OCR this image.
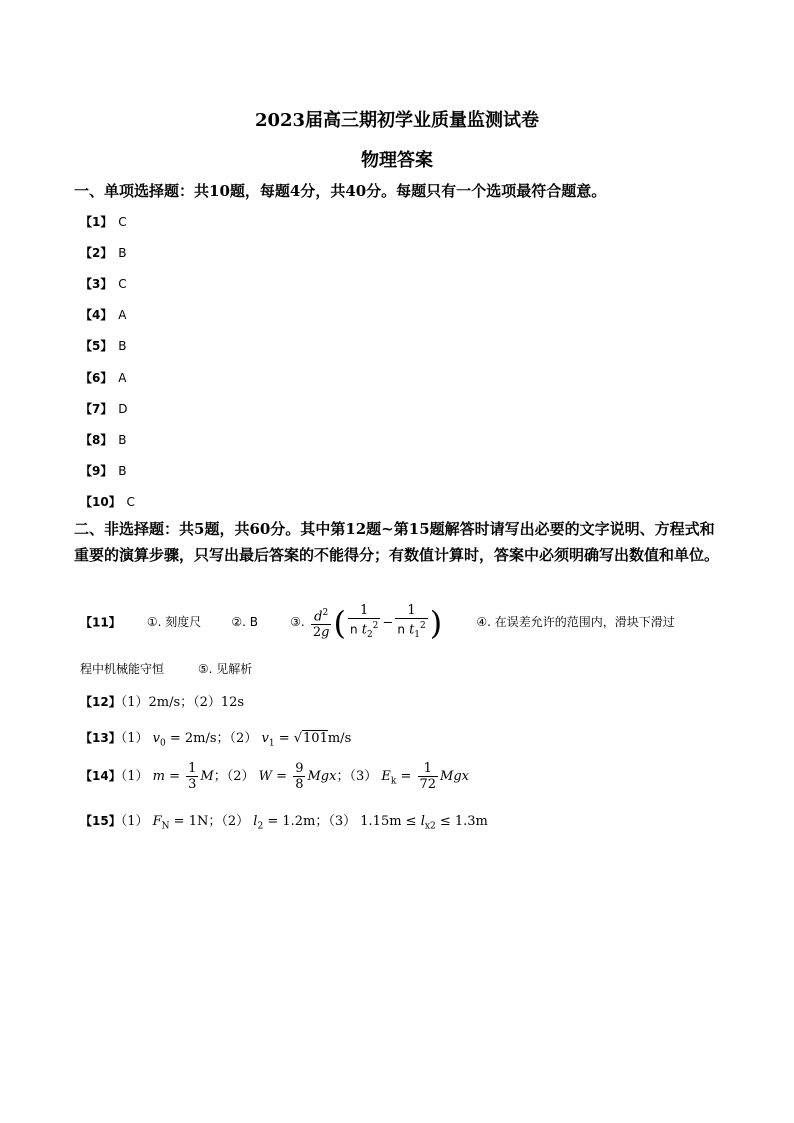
2023届高三期初学业质量监测试卷
物理答案
一、单项选择题：共10题，每题4分，共40分。每题只有一个选项最符合题意。
【1】 C
【2】 B
【3】 C
【4】 A
【5】 B
【6】 A
【7】 D
【8】 B
【9】 B
【10】 C
二、非选择题：共5题，共60分。其中第12题~第15题解答时请写出必要的文字说明、方程式和重要的演算步骤，只写出最后答案的不能得分；有数值计算时，答案中必须明确写出数值和单位。
【11】 ①. 刻度尺	②. B	③. $\frac{d^2}{2g}$ ( $\frac{1}{n t_2^2} - \frac{1}{n t_1^2}$ )	④. 在误差允许的范围内，滑块下滑过
程中机械能守恒	⑤. 见解析
【12】（1）2m/s；（2）12s
【13】（1） $v_0 = 2m/s$；（2） $v_1 = √101m/s$
【14】（1） $m = \frac{1}{3}$ M；（2） $W = \frac{9}{8}$ Mgx；（3） $E_k = \frac{1}{72}$ Mgx
【15】（1） $F_N = 1N$；（2） $l_2 = 1.2m$；（3） $1.15m \le l_{x2} \le 1.3m$
